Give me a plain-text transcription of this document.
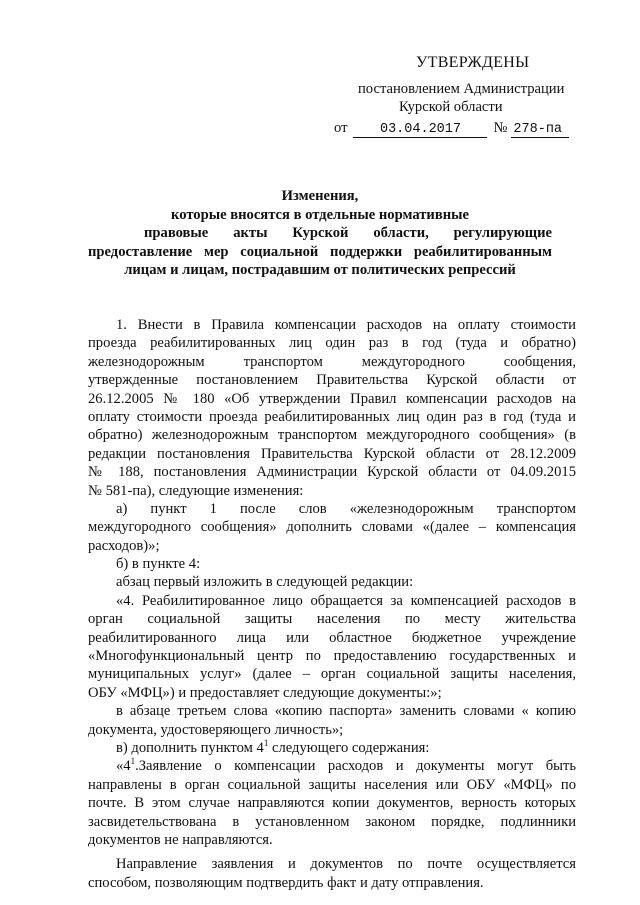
УТВЕРЖДЕНЫ
постановлением Администрации
Курской области
от 03.04.2017 № 278-па
Изменения,
которые вносятся в отдельные нормативные
правовые акты Курской области, регулирующие
предоставление мер социальной поддержки реабилитированным
лицам и лицам, пострадавшим от политических репрессий
1. Внести в Правила компенсации расходов на оплату стоимости
проезда реабилитированных лиц один раз в год (туда и обратно)
железнодорожным транспортом междугородного сообщения,
утвержденные постановлением Правительства Курской области от
26.12.2005 № 180 «Об утверждении Правил компенсации расходов на
оплату стоимости проезда реабилитированных лиц один раз в год (туда и
обратно) железнодорожным транспортом междугородного сообщения» (в
редакции постановления Правительства Курской области от 28.12.2009
№ 188, постановления Администрации Курской области от 04.09.2015
№ 581-па), следующие изменения:
а) пункт 1 после слов «железнодорожным транспортом
междугородного сообщения» дополнить словами «(далее – компенсация
расходов)»;
б) в пункте 4:
абзац первый изложить в следующей редакции:
«4. Реабилитированное лицо обращается за компенсацией расходов в
орган социальной защиты населения по месту жительства
реабилитированного лица или областное бюджетное учреждение
«Многофункциональный центр по предоставлению государственных и
муниципальных услуг» (далее – орган социальной защиты населения,
ОБУ «МФЦ») и предоставляет следующие документы:»;
в абзаце третьем слова «копию паспорта» заменить словами « копию
документа, удостоверяющего личность»;
в) дополнить пунктом $4^1$ следующего содержания:
«$4^1.Заявление$ о компенсации расходов и документы могут быть
направлены в орган социальной защиты населения или ОБУ «МФЦ» по
почте. В этом случае направляются копии документов, верность которых
засвидетельствована в установленном законом порядке, подлинники
документов не направляются.
Направление заявления и документов по почте осуществляется
способом, позволяющим подтвердить факт и дату отправления.
